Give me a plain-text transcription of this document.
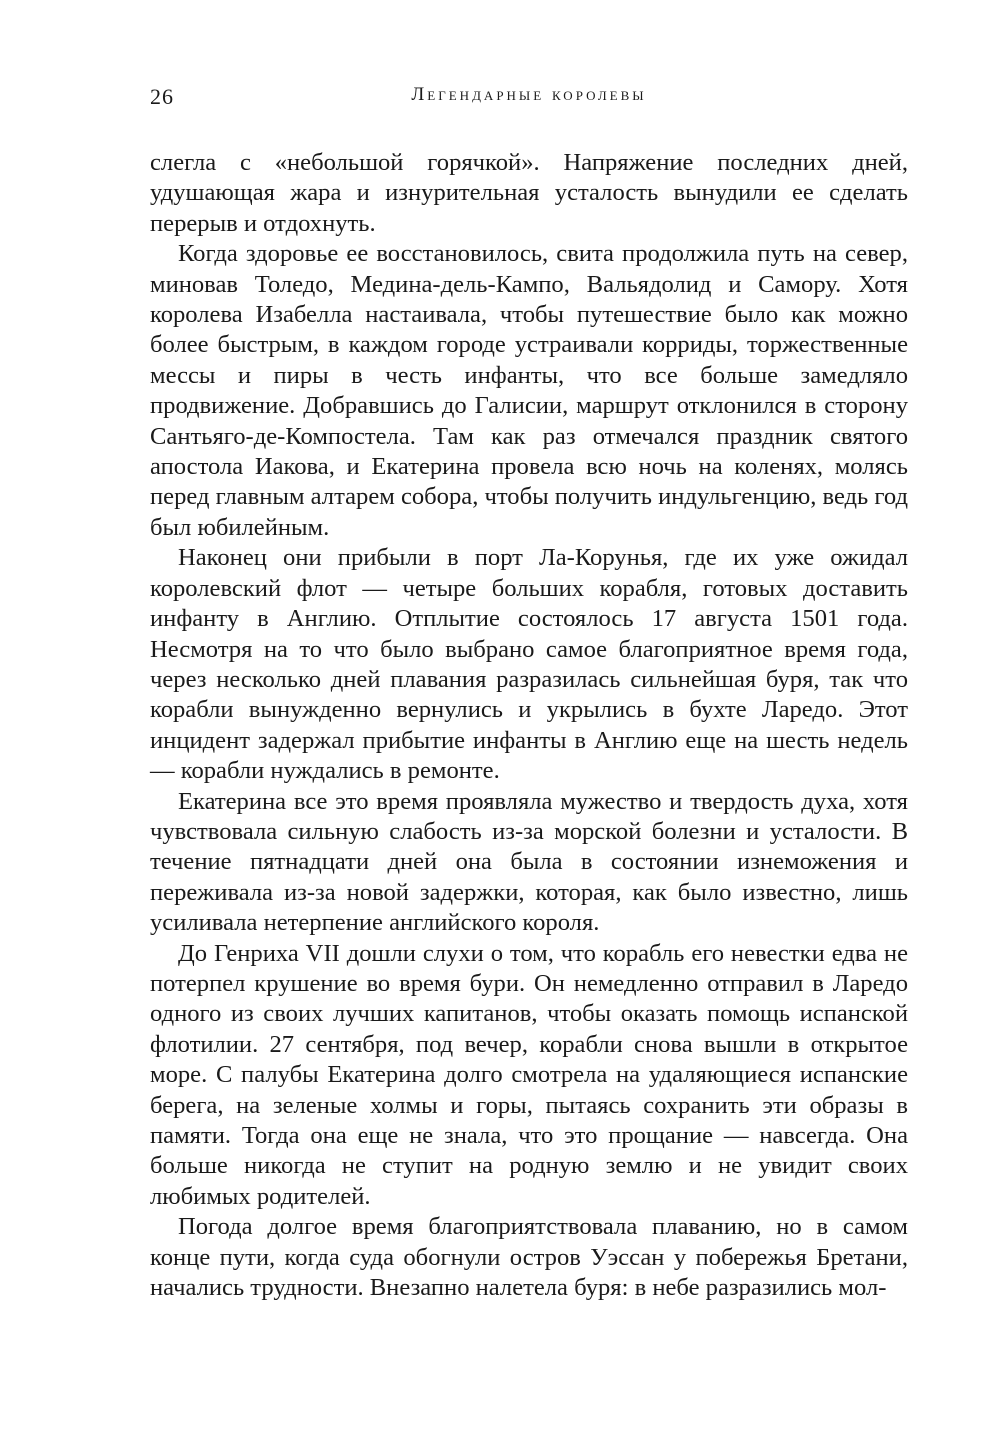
26	Легендарные королевы

слегла с «небольшой горячкой». Напряжение последних дней, удушающая жара и изнурительная усталость вынудили ее сделать перерыв и отдохнуть.

Когда здоровье ее восстановилось, свита продолжила путь на север, миновав Толедо, Медина-дель-Кампо, Вальядолид и Самору. Хотя королева Изабелла настаивала, чтобы путешествие было как можно более быстрым, в каждом городе устраивали корриды, торжественные мессы и пиры в честь инфанты, что все больше замедляло продвижение. Добравшись до Галисии, маршрут отклонился в сторону Сантьяго-де-Компостела. Там как раз отмечался праздник святого апостола Иакова, и Екатерина провела всю ночь на коленях, молясь перед главным алтарем собора, чтобы получить индульгенцию, ведь год был юбилейным.

Наконец они прибыли в порт Ла-Корунья, где их уже ожидал королевский флот — четыре больших корабля, готовых доставить инфанту в Англию. Отплытие состоялось 17 августа 1501 года. Несмотря на то что было выбрано самое благоприятное время года, через несколько дней плавания разразилась сильнейшая буря, так что корабли вынужденно вернулись и укрылись в бухте Ларедо. Этот инцидент задержал прибытие инфанты в Англию еще на шесть недель — корабли нуждались в ремонте.

Екатерина все это время проявляла мужество и твердость духа, хотя чувствовала сильную слабость из-за морской болезни и усталости. В течение пятнадцати дней она была в состоянии изнеможения и переживала из-за новой задержки, которая, как было известно, лишь усиливала нетерпение английского короля.

До Генриха VII дошли слухи о том, что корабль его невестки едва не потерпел крушение во время бури. Он немедленно отправил в Ларедо одного из своих лучших капитанов, чтобы оказать помощь испанской флотилии. 27 сентября, под вечер, корабли снова вышли в открытое море. С палубы Екатерина долго смотрела на удаляющиеся испанские берега, на зеленые холмы и горы, пытаясь сохранить эти образы в памяти. Тогда она еще не знала, что это прощание — навсегда. Она больше никогда не ступит на родную землю и не увидит своих любимых родителей.

Погода долгое время благоприятствовала плаванию, но в самом конце пути, когда суда обогнули остров Уэссан у побережья Бретани, начались трудности. Внезапно налетела буря: в небе разразились мол-
